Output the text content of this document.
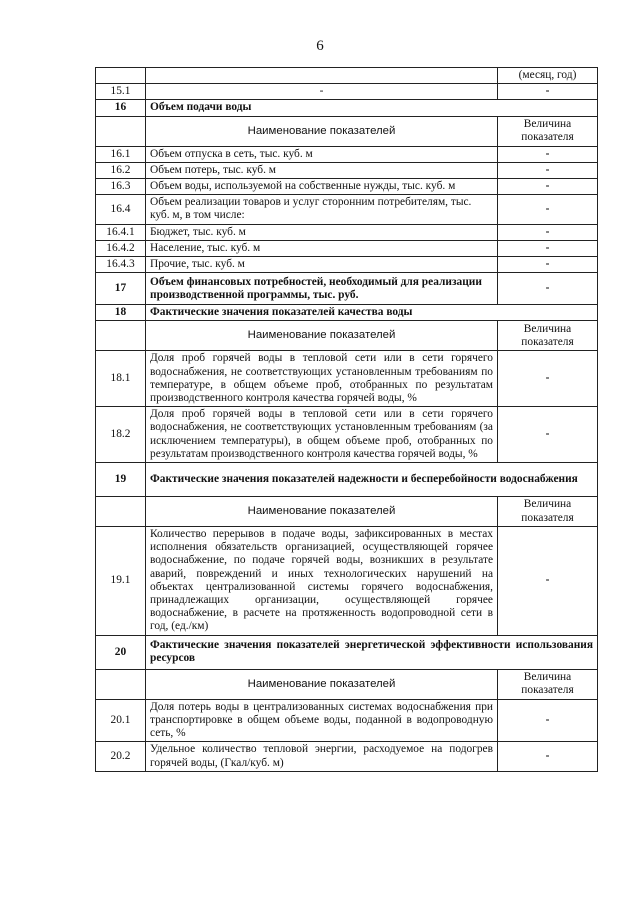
6
		(месяц, год)
15.1	-	-
16	Объем подачи воды	
	Наименование показателей	Величина показателя
16.1	Объем отпуска в сеть, тыс. куб. м	-
16.2	Объем потерь, тыс. куб. м	-
16.3	Объем воды, используемой на собственные нужды, тыс. куб. м	-
16.4	Объем реализации товаров и услуг сторонним потребителям, тыс. куб. м, в том числе:	-
16.4.1	Бюджет, тыс. куб. м	-
16.4.2	Население, тыс. куб. м	-
16.4.3	Прочие, тыс. куб. м	-
17	Объем финансовых потребностей, необходимый для реализации производственной программы, тыс. руб.	-
18	Фактические значения показателей качества воды	
	Наименование показателей	Величина показателя
18.1	Доля проб горячей воды в тепловой сети или в сети горячего водоснабжения, не соответствующих установленным требованиям по температуре, в общем объеме проб, отобранных по результатам производственного контроля качества горячей воды, %	-
18.2	Доля проб горячей воды в тепловой сети или в сети горячего водоснабжения, не соответствующих установленным требованиям (за исключением температуры), в общем объеме проб, отобранных по результатам производственного контроля качества горячей воды, %	-
19	Фактические значения показателей надежности и бесперебойности водоснабжения	
	Наименование показателей	Величина показателя
19.1	Количество перерывов в подаче воды, зафиксированных в местах исполнения обязательств организацией, осуществляющей горячее водоснабжение, по подаче горячей воды, возникших в результате аварий, повреждений и иных технологических нарушений на объектах централизованной системы горячего водоснабжения, принадлежащих организации, осуществляющей горячее водоснабжение, в расчете на протяженность водопроводной сети в год, (ед./км)	-
20	Фактические значения показателей энергетической эффективности использования ресурсов	
	Наименование показателей	Величина показателя
20.1	Доля потерь воды в централизованных системах водоснабжения при транспортировке в общем объеме воды, поданной в водопроводную сеть, %	-
20.2	Удельное количество тепловой энергии, расходуемое на подогрев горячей воды, (Гкал/куб. м)	-
